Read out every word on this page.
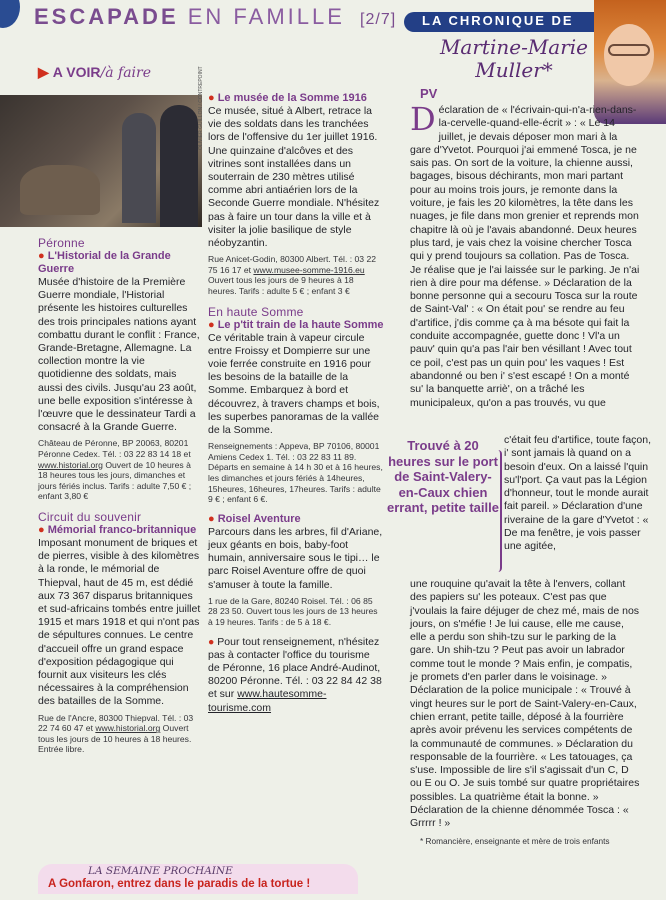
ESCAPADE EN FAMILLE [2/7] LA CHRONIQUE DE
Martine-Marie Muller*
▶ A VOIR/à faire	OLIVIER GUILLON / CONTREPOINT
Péronne
● L'Historial de la Grande Guerre
Musée d'histoire de la Première Guerre mondiale, l'Historial présente les histoires culturelles des trois principales nations ayant combattu durant le conflit : France, Grande-Bretagne, Allemagne. La collection montre la vie quotidienne des soldats, mais aussi des civils. Jusqu'au 23 août, une belle exposition s'intéresse à l'œuvre que le dessinateur Tardi a consacré à la Grande Guerre.
Château de Péronne, BP 20063, 80201 Péronne Cedex. Tél. : 03 22 83 14 18 et www.historial.org Ouvert de 10 heures à 18 heures tous les jours, dimanches et jours fériés inclus. Tarifs : adulte 7,50 € ; enfant 3,80 €
Circuit du souvenir
● Mémorial franco-britannique
Imposant monument de briques et de pierres, visible à des kilomètres à la ronde, le mémorial de Thiepval, haut de 45 m, est dédié aux 73 367 disparus britanniques et sud-africains tombés entre juillet 1915 et mars 1918 et qui n'ont pas de sépultures connues. Le centre d'accueil offre un grand espace d'exposition pédagogique qui fournit aux visiteurs les clés nécessaires à la compréhension des batailles de la Somme.
Rue de l'Ancre, 80300 Thiepval. Tél. : 03 22 74 60 47 et www.historial.org Ouvert tous les jours de 10 heures à 18 heures. Entrée libre.
● Le musée de la Somme 1916
Ce musée, situé à Albert, retrace la vie des soldats dans les tranchées lors de l'offensive du 1er juillet 1916. Une quinzaine d'alcôves et des vitrines sont installées dans un souterrain de 230 mètres utilisé comme abri antiaérien lors de la Seconde Guerre mondiale. N'hésitez pas à faire un tour dans la ville et à visiter la jolie basilique de style néobyzantin.
Rue Anicet-Godin, 80300 Albert. Tél. : 03 22 75 16 17 et www.musee-somme-1916.eu Ouvert tous les jours de 9 heures à 18 heures. Tarifs : adulte 5 € ; enfant 3 €
En haute Somme
● Le p'tit train de la haute Somme
Ce véritable train à vapeur circule entre Froissy et Dompierre sur une voie ferrée construite en 1916 pour les besoins de la bataille de la Somme. Embarquez à bord et découvrez, à travers champs et bois, les superbes panoramas de la vallée de la Somme.
Renseignements : Appeva, BP 70106, 80001 Amiens Cedex 1. Tél. : 03 22 83 11 89. Départs en semaine à 14 h 30 et à 16 heures, les dimanches et jours fériés à 14heures, 15heures, 16heures, 17heures. Tarifs : adulte 9 € ; enfant 6 €.
● Roisel Aventure
Parcours dans les arbres, fil d'Ariane, jeux géants en bois, baby-foot humain, anniversaire sous le tipi… le parc Roisel Aventure offre de quoi s'amuser à toute la famille.
1 rue de la Gare, 80240 Roisel. Tél. : 06 85 28 23 50. Ouvert tous les jours de 13 heures à 19 heures. Tarifs : de 5 à 18 €.
● Pour tout renseignement, n'hésitez pas à contacter l'office du tourisme de Péronne, 16 place André-Audinot, 80200 Péronne. Tél. : 03 22 84 42 38 et sur www.hautesomme-tourisme.com
PV
Déclaration de « l'écrivain-qui-n'a-rien-dans-la-cervelle-quand-elle-écrit » : « Le 14 juillet, je devais déposer mon mari à la gare d'Yvetot. Pourquoi j'ai emmené Tosca, je ne sais pas. On sort de la voiture, la chienne aussi, bagages, bisous déchirants, mon mari partant pour au moins trois jours, je remonte dans la voiture, je fais les 20 kilomètres, la tête dans les nuages, je file dans mon grenier et reprends mon chapitre là où je l'avais abandonné. Deux heures plus tard, je vais chez la voisine chercher Tosca qui y prend toujours sa collation. Pas de Tosca. Je réalise que je l'ai laissée sur le parking. Je n'ai rien à dire pour ma défense. » Déclaration de la bonne personne qui a secouru Tosca sur la route de Saint-Val' : « On était pou' se rendre au feu d'artifice, j'dis comme ça à ma bésote qui fait la conduite accompagnée, guette donc ! Vl'a un pauv' quin qu'a pas l'air ben vésillant ! Avec tout ce poil, c'est pas un quin pou' les vaques ! Est abandonné ou ben i' s'est escapé ! On a monté su' la banquette arriè', on a trâché les municipaleux, qu'on a pas trouvés, vu que
Trouvé à 20 heures sur le port de Saint-Valery-en-Caux chien errant, petite taille
c'était feu d'artifice, toute façon, i' sont jamais là quand on a besoin d'eux. On a laissé l'quin su'l'port. Ça vaut pas la Légion d'honneur, tout le monde aurait fait pareil. » Déclaration d'une riveraine de la gare d'Yvetot : « De ma fenêtre, je vois passer une agitée,
une rouquine qu'avait la tête à l'envers, collant des papiers su' les poteaux. C'est pas que j'voulais la faire déjuger de chez mé, mais de nos jours, on s'méfie ! Je lui cause, elle me cause, elle a perdu son shih-tzu sur le parking de la gare. Un shih-tzu ? Peut pas avoir un labrador comme tout le monde ? Mais enfin, je compatis, je promets d'en parler dans le voisinage. » Déclaration de la police municipale : « Trouvé à vingt heures sur le port de Saint-Valery-en-Caux, chien errant, petite taille, déposé à la fourrière après avoir prévenu les services compétents de la communauté de communes. » Déclaration du responsable de la fourrière. « Les tatouages, ça s'use. Impossible de lire s'il s'agissait d'un C, D ou E ou O. Je suis tombé sur quatre propriétaires possibles. La quatrième était la bonne. » Déclaration de la chienne dénommée Tosca : « Grrrrr ! »
* Romancière, enseignante et mère de trois enfants
LA SEMAINE PROCHAINE
A Gonfaron, entrez dans le paradis de la tortue !
